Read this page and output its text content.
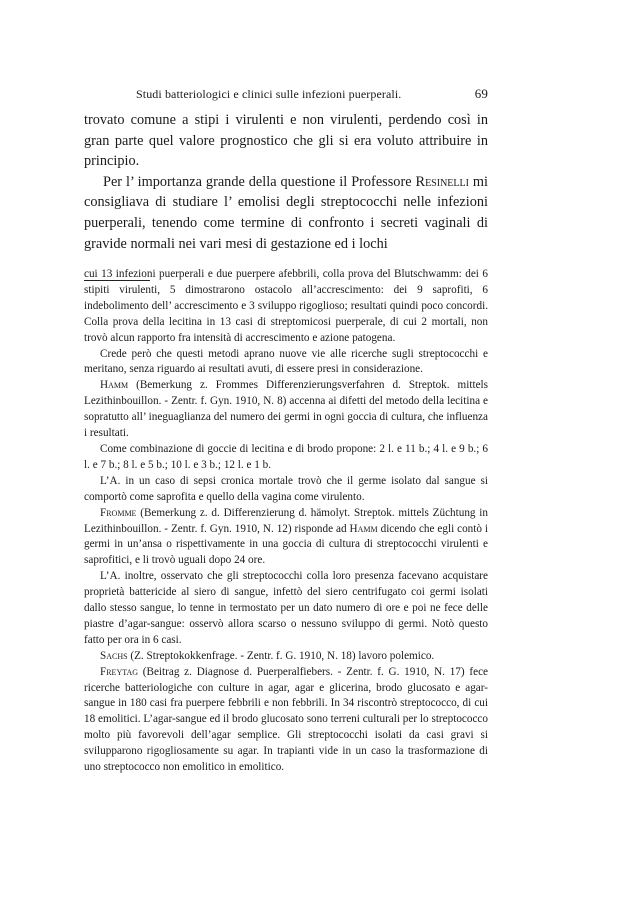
Studi batteriologici e clinici sulle infezioni puerperali.	69

trovato comune a stipi i virulenti e non virulenti, perdendo così in gran parte quel valore prognostico che gli si era voluto attribuire in principio.

Per l’ importanza grande della questione il Professore Resinelli mi consigliava di studiare l’ emolisi degli streptococchi nelle infezioni puerperali, tenendo come termine di confronto i secreti vaginali di gravide normali nei vari mesi di gestazione ed i lochi

cui 13 infezioni puerperali e due puerpere afebbrili, colla prova del Blutschwamm: dei 6 stipiti virulenti, 5 dimostrarono ostacolo all’accrescimento: dei 9 saprofiti, 6 indebolimento dell’ accrescimento e 3 sviluppo rigoglioso; resultati quindi poco concordi. Colla prova della lecitina in 13 casi di streptomicosi puerperale, di cui 2 mortali, non trovò alcun rapporto fra intensità di accrescimento e azione patogena.

Crede però che questi metodi aprano nuove vie alle ricerche sugli streptococchi e meritano, senza riguardo ai resultati avuti, di essere presi in considerazione.

Hamm (Bemerkung z. Frommes Differenzierungsverfahren d. Streptok. mittels Lezithinbouillon. - Zentr. f. Gyn. 1910, N. 8) accenna ai difetti del metodo della lecitina e sopratutto all’ ineguaglianza del numero dei germi in ogni goccia di cultura, che influenza i resultati.

Come combinazione di goccie di lecitina e di brodo propone: 2 l. e 11 b.; 4 l. e 9 b.; 6 l. e 7 b.; 8 l. e 5 b.; 10 l. e 3 b.; 12 l. e 1 b.

L’A. in un caso di sepsi cronica mortale trovò che il germe isolato dal sangue si comportò come saprofita e quello della vagina come virulento.

Fromme (Bemerkung z. d. Differenzierung d. hämolyt. Streptok. mittels Züchtung in Lezithinbouillon. - Zentr. f. Gyn. 1910, N. 12) risponde ad Hamm dicendo che egli contò i germi in un’ansa o rispettivamente in una goccia di cultura di streptococchi virulenti e saprofitici, e li trovò uguali dopo 24 ore.

L’A. inoltre, osservato che gli streptococchi colla loro presenza facevano acquistare proprietà battericide al siero di sangue, infettò del siero centrifugato coi germi isolati dallo stesso sangue, lo tenne in termostato per un dato numero di ore e poi ne fece delle piastre d’agar-sangue: osservò allora scarso o nessuno sviluppo di germi. Notò questo fatto per ora in 6 casi.

Sachs (Z. Streptokokkenfrage. - Zentr. f. G. 1910, N. 18) lavoro polemico.

Freytag (Beitrag z. Diagnose d. Puerperalfiebers. - Zentr. f. G. 1910, N. 17) fece ricerche batteriologiche con culture in agar, agar e glicerina, brodo glucosato e agar-sangue in 180 casi fra puerpere febbrili e non febbrili. In 34 riscontrò streptococco, di cui 18 emolitici. L’agar-sangue ed il brodo glucosato sono terreni culturali per lo streptococco molto più favorevoli dell’agar semplice. Gli streptococchi isolati da casi gravi si svilupparono rigogliosamente su agar. In trapianti vide in un caso la trasformazione di uno streptococco non emolitico in emolitico.
